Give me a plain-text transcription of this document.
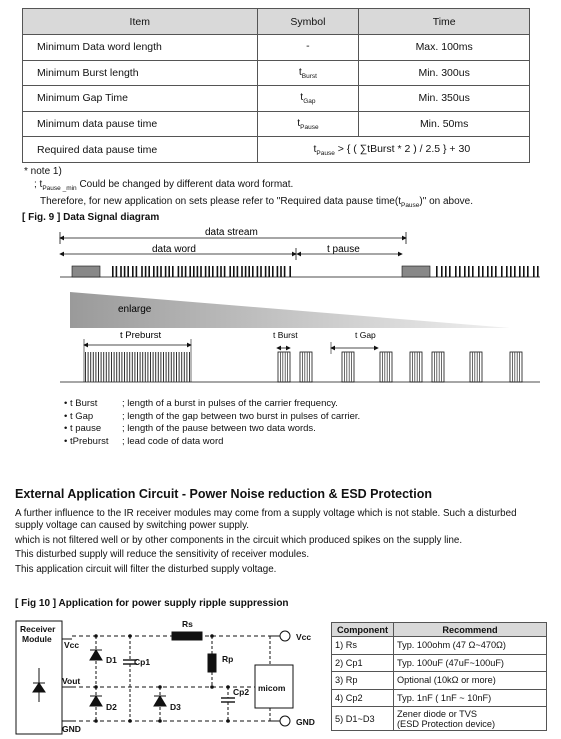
Item	Symbol	Time
Minimum Data word length	-	Max. 100ms
Minimum Burst length	$t_{Burst}$	Min. 300us
Minimum Gap Time	$t_{Gap}$	Min. 350us
Minimum data pause time	$t_{Pause}$	Min. 50ms
Required data pause time	$t_{Pause}$ > { ( ∑tBurst * 2 ) / 2.5 } + 30	
* note 1)
; $t_{Pause \_min}$ Could be changed by different data word format.
Therefore, for new application on sets please refer to "Required data pause $time(t_{Pause})$" on above.
[ Fig. 9 ] Data Signal diagram
data stream
data word	t pause
enlarge
t Preburst	t Burst	t Gap
• t Burst	; length of a burst in pulses of the carrier frequency.
• t Gap	; length of the gap between two burst in pulses of carrier.
• t pause	; length of the pause between two data words.
• tPreburst	; lead code of data word
External Application Circuit - Power Noise reduction & ESD Protection

A further influence to the IR receiver modules may come from a supply voltage which is not stable. Such a disturbed supply voltage can caused by switching power supply.

which is not filtered well or by other components in the circuit which produced spikes on the supply line.

This disturbed supply will reduce the sensitivity of receiver modules.

This application circuit will filter the disturbed supply voltage.

[ Fig 10 ] Application for power supply ripple suppression
Receiver
Module
Vcc
Vout
GND
D1 Cp1
D2	D3
Rs
Rp
Cp2 micom
Vcc
GND
Component	Recommend
1) Rs	Typ. 100ohm (47 Ω~470Ω)
2) Cp1	Typ. 100uF (47uF~100uF)
3) Rp	Optional (10kΩ or more)
4) Cp2	Typ. 1nF ( 1nF ~ 10nF)
5) D1~D3	Zener diode or TVS
(ESD Protection device)
